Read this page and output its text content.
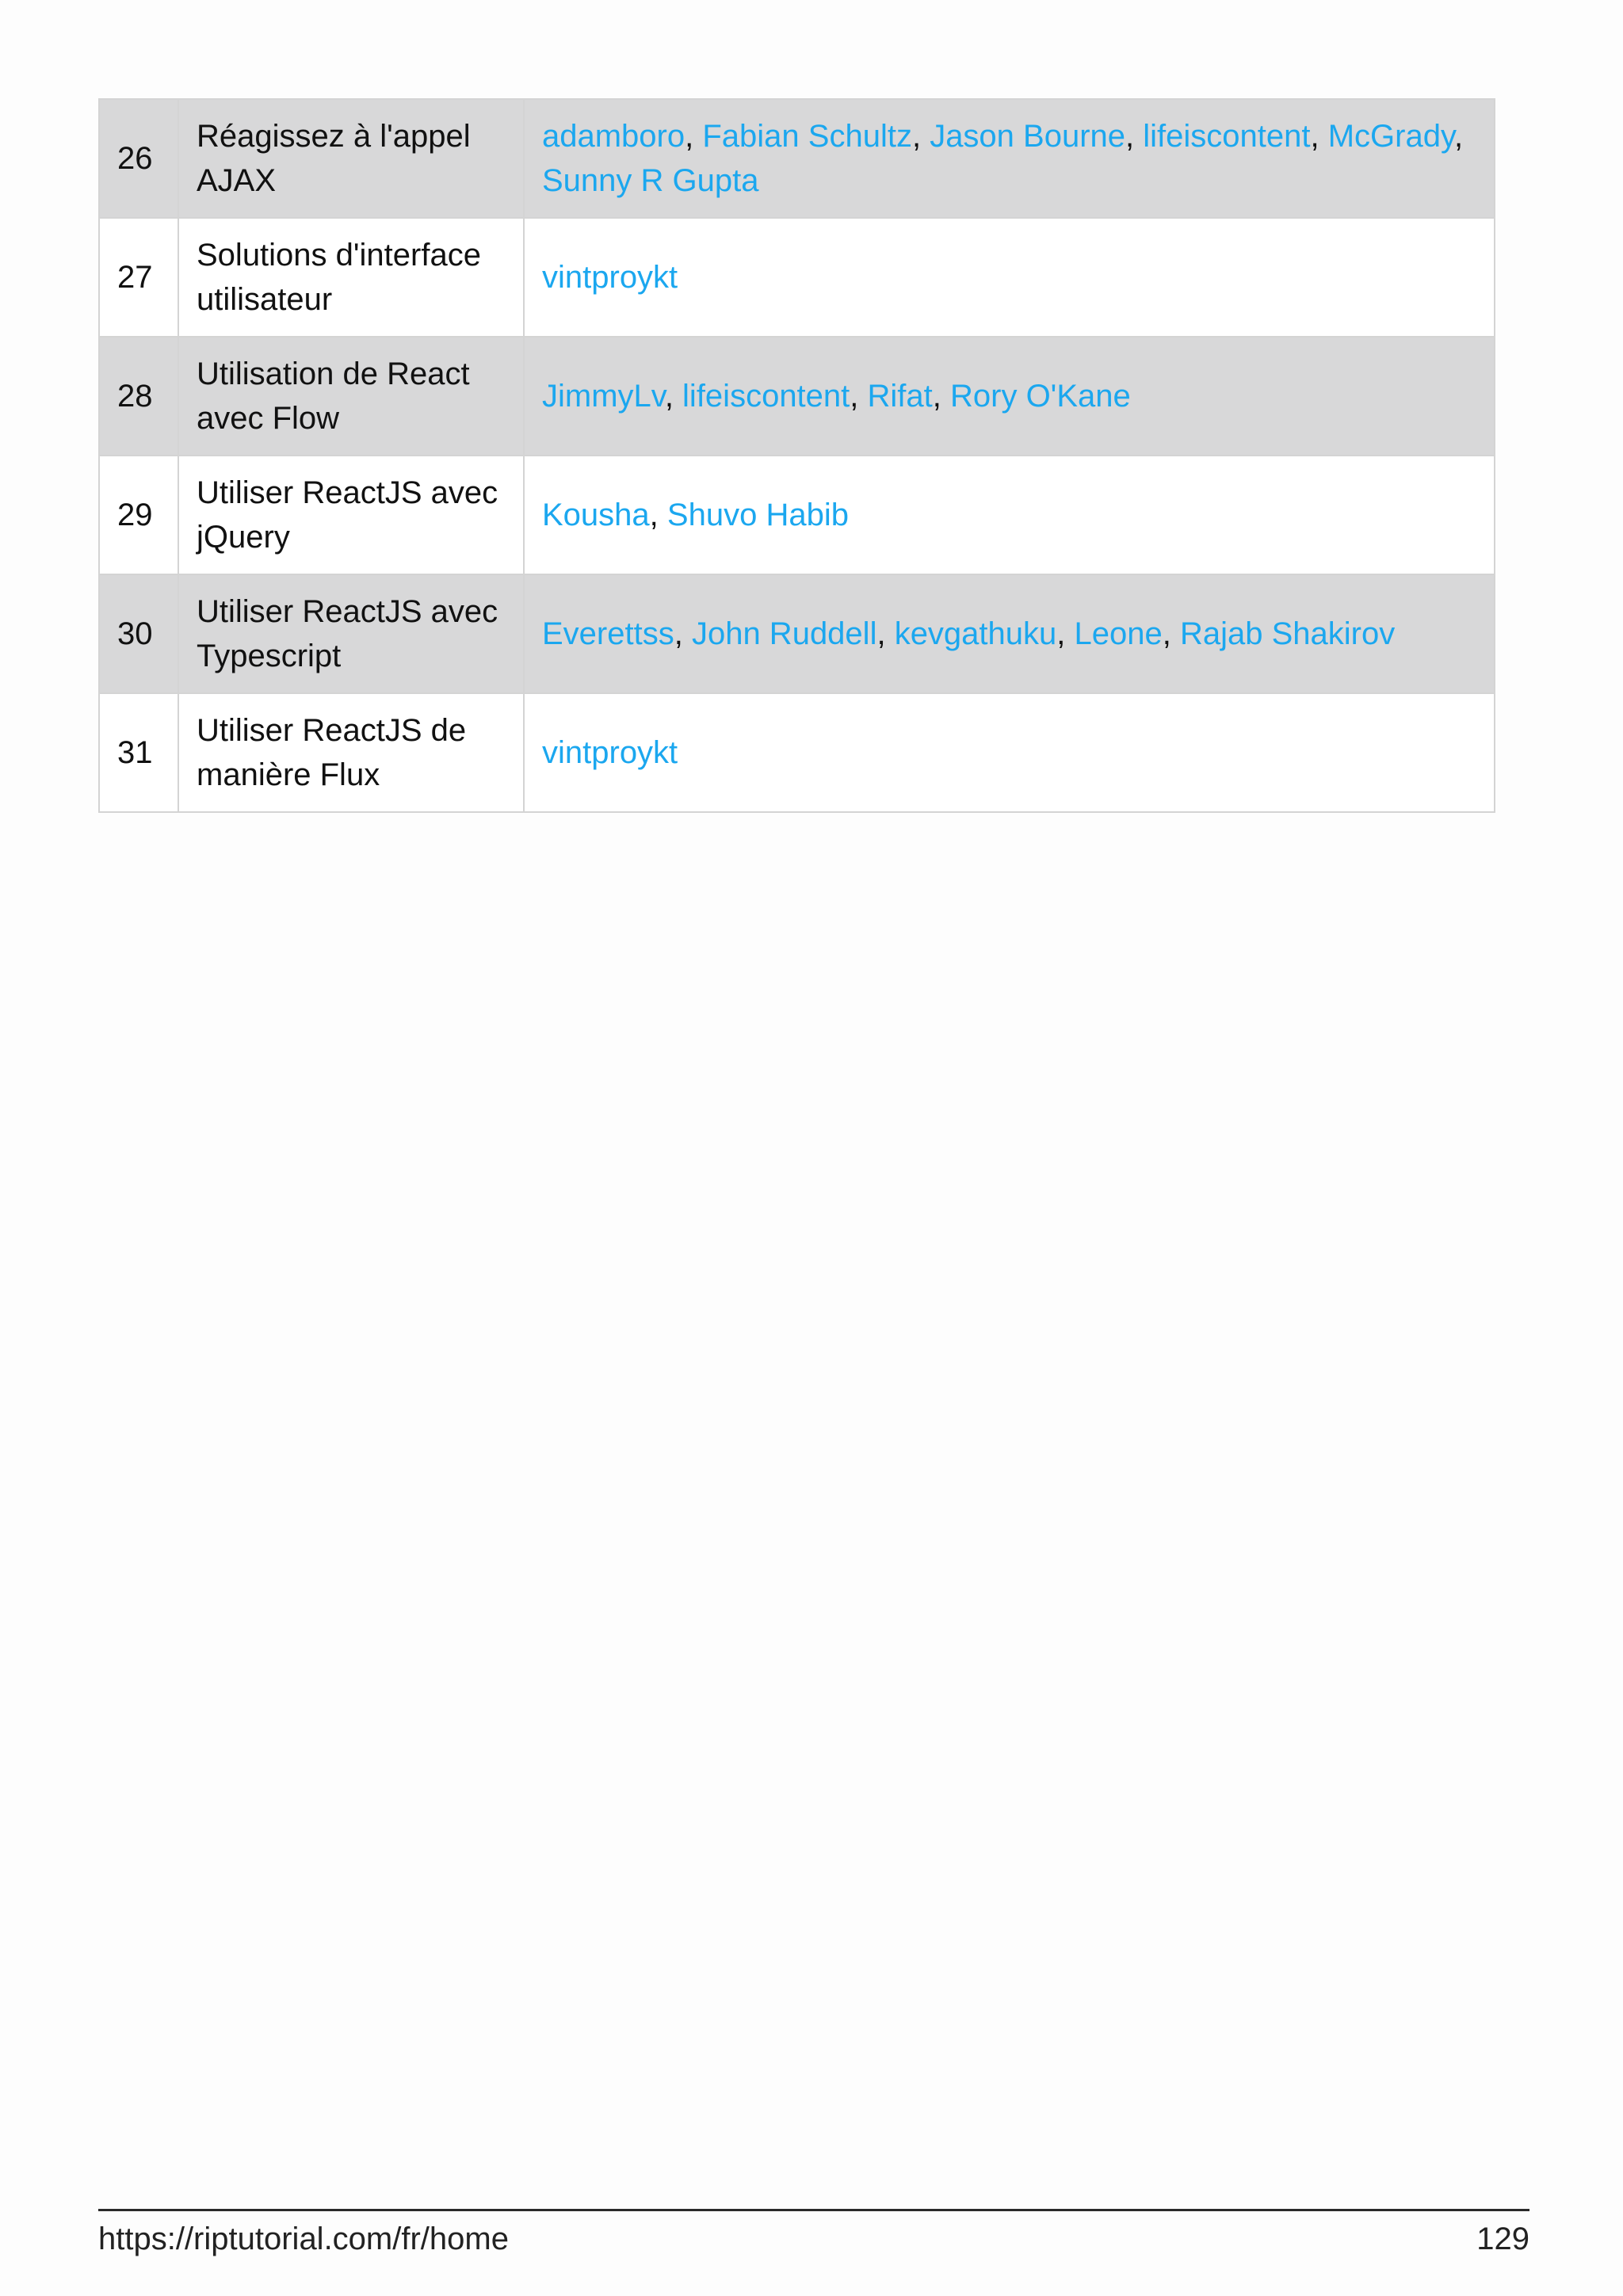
26	Réagissez à l'appel AJAX	adamboro, Fabian Schultz, Jason Bourne, lifeiscontent, McGrady, Sunny R Gupta
27	Solutions d'interface utilisateur	vintproykt
28	Utilisation de React avec Flow	JimmyLv, lifeiscontent, Rifat, Rory O'Kane
29	Utiliser ReactJS avec jQuery	Kousha, Shuvo Habib
30	Utiliser ReactJS avec Typescript	Everettss, John Ruddell, kevgathuku, Leone, Rajab Shakirov
31	Utiliser ReactJS de manière Flux	vintproykt
https://riptutorial.com/fr/home	129
